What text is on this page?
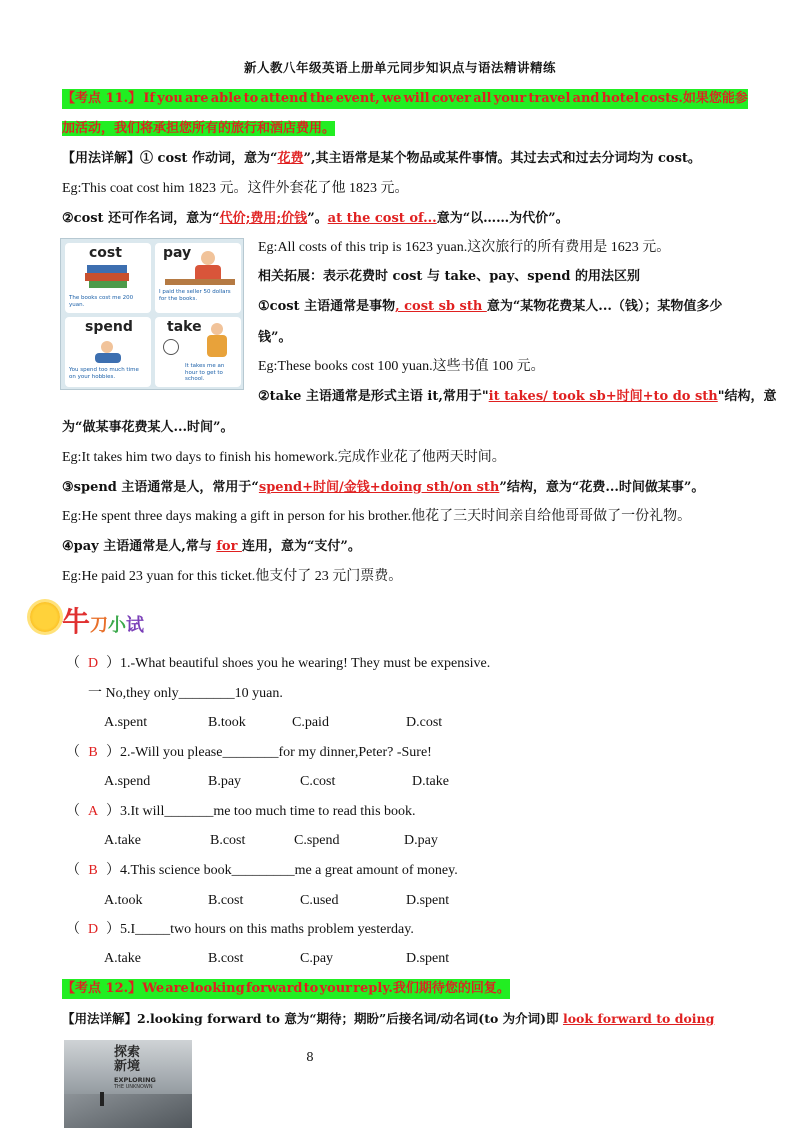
新人教八年级英语上册单元同步知识点与语法精讲精练
【考点 11.】 If you are able to attend the event, we will cover all your travel and hotel costs.如果您能参
加活动，我们将承担您所有的旅行和酒店费用。
【用法详解】① cost 作动词，意为“花费”,其主语常是某个物品或某件事情。其过去式和过去分词均为 cost。
Eg:This coat cost him 1823 元。这件外套花了他 1823 元。
②cost 还可作名词，意为“代价;费用;价钱”。at the cost of...意为“以……为代价”。
cost
The books cost me 200 yuan.
pay
I paid the seller 50 dollars for the books.
spend
You spend too much time on your hobbies.
take
It takes me an hour to get to school.
Eg:All costs of this trip is 1623 yuan.这次旅行的所有费用是 1623 元。
相关拓展：表示花费时 cost 与 take、pay、spend 的用法区别
①cost 主语通常是事物, cost sb sth 意为“某物花费某人...（钱）；某物值多少
钱”。
Eg:These books cost 100 yuan.这些书值 100 元。
②take 主语通常是形式主语 it,常用于"it takes/ took sb+时间+to do sth"结构，意
为“做某事花费某人...时间”。
Eg:It takes him two days to finish his homework.完成作业花了他两天时间。
③spend 主语通常是人，常用于“spend+时间/金钱+doing sth/on sth”结构，意为“花费...时间做某事”。
Eg:He spent three days making a gift in person for his brother.他花了三天时间亲自给他哥哥做了一份礼物。
④pay 主语通常是人,常与 for 连用，意为“支付”。
Eg:He paid 23 yuan for this ticket.他支付了 23 元门票费。
牛刀小试
（ D ）1.-What beautiful shoes you he wearing! They must be expensive.
一 No,they only________10 yuan.
A.spent	B.took	C.paid	D.cost
（ B ）2.-Will you please________for my dinner,Peter? -Sure!
A.spend	B.pay	C.cost	D.take
（ A ）3.It will_______me too much time to read this book.
A.take	B.cost	C.spend	D.pay
（ B ）4.This science book_________me a great amount of money.
A.took	B.cost	C.used	D.spent
（ D ）5.I_____two hours on this maths problem yesterday.
A.take	B.cost	C.pay	D.spent
【考点 12.】 We are looking forward to your reply.我们期待您的回复。
【用法详解】2.looking forward to 意为“期待；期盼”后接名词/动名词(to 为介词)即 look forward to doing
探索
新境
EXPLORING
THE UNKNOWN
8
